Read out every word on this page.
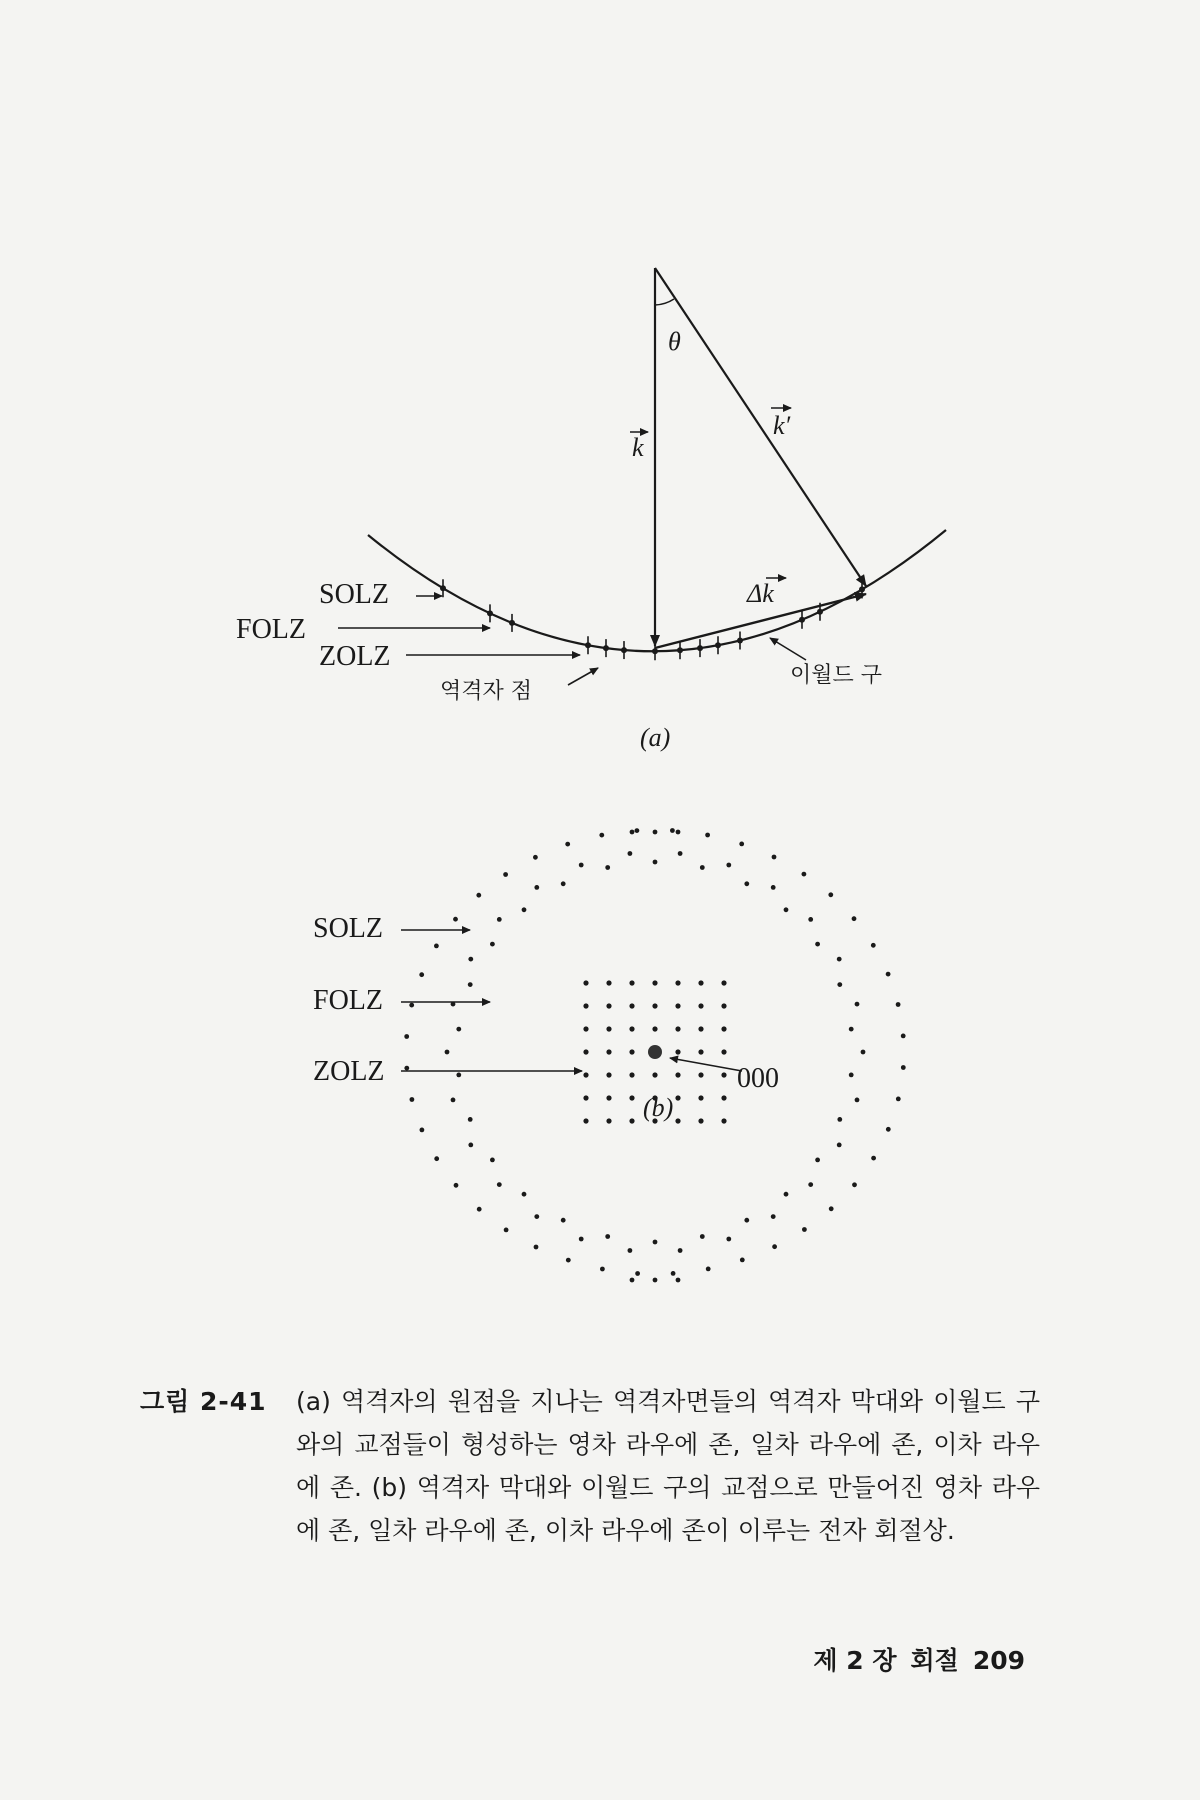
θ
k
k′
Δk
SOLZ
FOLZ
ZOLZ
역격자 점
이월드 구
(a)
SOLZ
FOLZ
ZOLZ	000
(b)
그림 2-41 (a) 역격자의 원점을 지나는 역격자면들의 역격자 막대와 이월드 구와의 교점들이 형성하는 영차 라우에 존, 일차 라우에 존, 이차 라우에 존. (b) 역격자 막대와 이월드 구의 교점으로 만들어진 영차 라우에 존, 일차 라우에 존, 이차 라우에 존이 이루는 전자 회절상.
제 2 장 회절 209
